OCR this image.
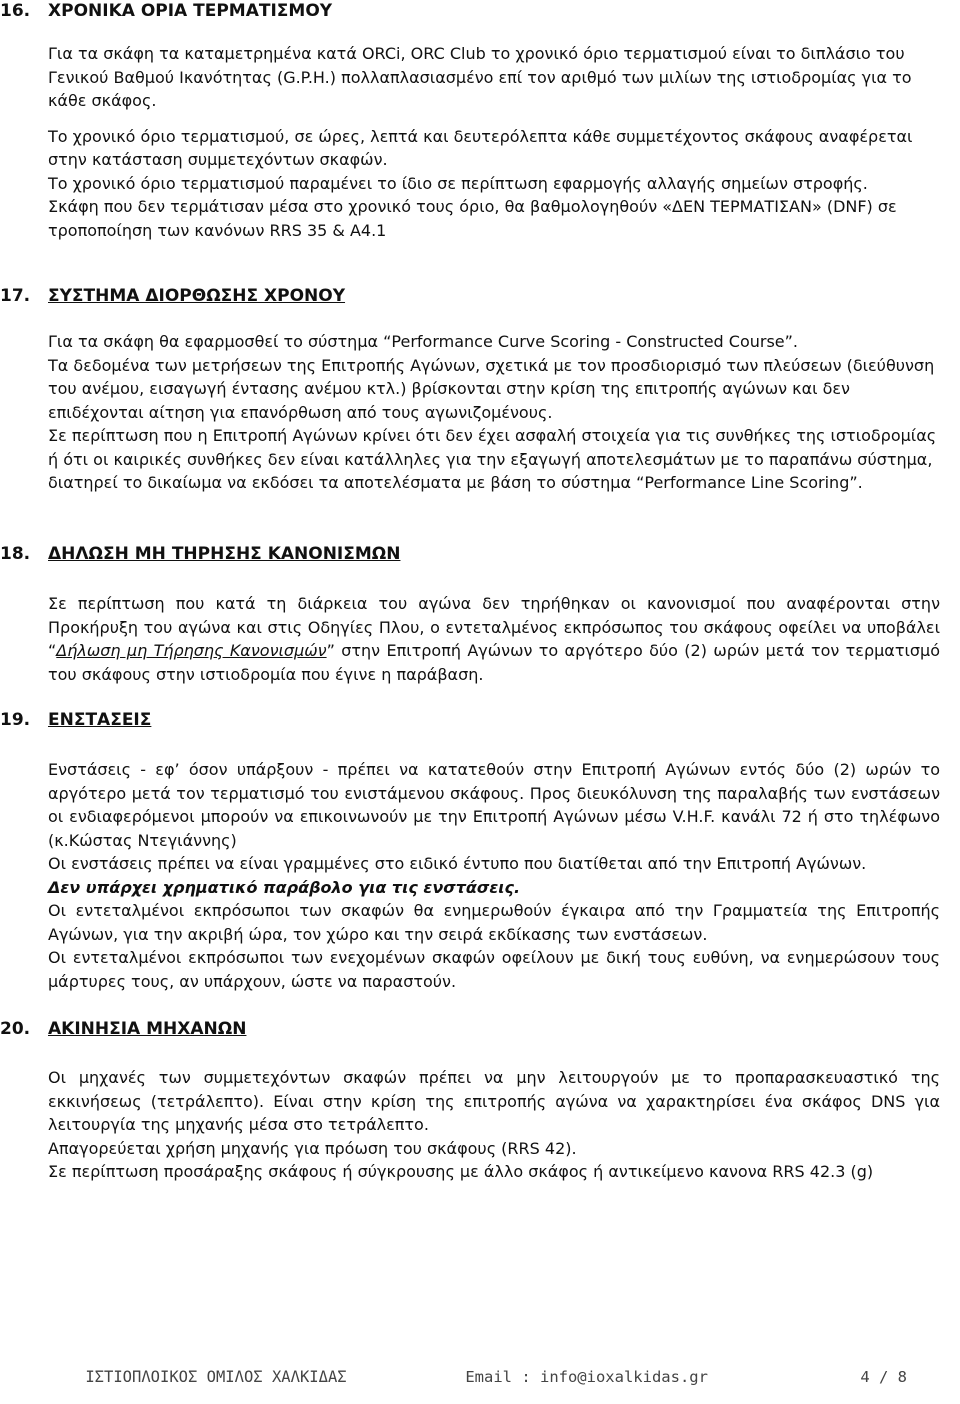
16. ΧΡΟΝΙΚΑ ΟΡΙΑ ΤΕΡΜΑΤΙΣΜΟΥ

Για τα σκάφη τα καταμετρημένα κατά ORCi, ORC Club το χρονικό όριο τερματισμού είναι το διπλάσιο του Γενικού Βαθμού Ικανότητας (G.P.H.) πολλαπλασιασμένο επί τον αριθμό των μιλίων της ιστιοδρομίας για το κάθε σκάφος.

Το χρονικό όριο τερματισμού, σε ώρες, λεπτά και δευτερόλεπτα κάθε συμμετέχοντος σκάφους αναφέρεται στην κατάσταση συμμετεχόντων σκαφών.

Το χρονικό όριο τερματισμού παραμένει το ίδιο σε περίπτωση εφαρμογής αλλαγής σημείων στροφής.

Σκάφη που δεν τερμάτισαν μέσα στο χρονικό τους όριο, θα βαθμολογηθούν «ΔΕΝ ΤΕΡΜΑΤΙΣΑΝ» (DNF) σε τροποποίηση των κανόνων RRS 35 & A4.1

17. ΣΥΣΤΗΜΑ ΔΙΟΡΘΩΣΗΣ ΧΡΟΝΟΥ

Για τα σκάφη θα εφαρμοσθεί το σύστημα “Performance Curve Scoring - Constructed Course”.

Τα δεδομένα των μετρήσεων της Επιτροπής Αγώνων, σχετικά με τον προσδιορισμό των πλεύσεων (διεύθυνση του ανέμου, εισαγωγή έντασης ανέμου κτλ.) βρίσκονται στην κρίση της επιτροπής αγώνων και δεν επιδέχονται αίτηση για επανόρθωση από τους αγωνιζομένους.

Σε περίπτωση που η Επιτροπή Αγώνων κρίνει ότι δεν έχει ασφαλή στοιχεία για τις συνθήκες της ιστιοδρομίας ή ότι οι καιρικές συνθήκες δεν είναι κατάλληλες για την εξαγωγή αποτελεσμάτων με το παραπάνω σύστημα, διατηρεί το δικαίωμα να εκδόσει τα αποτελέσματα με βάση το σύστημα “Performance Line Scoring”.

18. ΔΗΛΩΣΗ ΜΗ ΤΗΡΗΣΗΣ ΚΑΝΟΝΙΣΜΩΝ

Σε περίπτωση που κατά τη διάρκεια του αγώνα δεν τηρήθηκαν οι κανονισμοί που αναφέρονται στην Προκήρυξη του αγώνα και στις Οδηγίες Πλου, ο εντεταλμένος εκπρόσωπος του σκάφους οφείλει να υποβάλει “Δήλωση μη Τήρησης Κανονισμών” στην Επιτροπή Αγώνων το αργότερο δύο (2) ωρών μετά τον τερματισμό του σκάφους στην ιστιοδρομία που έγινε η παράβαση.

19. ΕΝΣΤΑΣΕΙΣ

Ενστάσεις - εφ’ όσον υπάρξουν - πρέπει να κατατεθούν στην Επιτροπή Αγώνων εντός δύο (2) ωρών το αργότερο μετά τον τερματισμό του ενιστάμενου σκάφους. Προς διευκόλυνση της παραλαβής των ενστάσεων οι ενδιαφερόμενοι μπορούν να επικοινωνούν με την Επιτροπή Αγώνων μέσω V.H.F. κανάλι 72 ή στο τηλέφωνο (κ.Κώστας Ντεγιάννης)

Οι ενστάσεις πρέπει να είναι γραμμένες στο ειδικό έντυπο που διατίθεται από την Επιτροπή Αγώνων.

Δεν υπάρχει χρηματικό παράβολο για τις ενστάσεις.

Οι εντεταλμένοι εκπρόσωποι των σκαφών θα ενημερωθούν έγκαιρα από την Γραμματεία της Επιτροπής Αγώνων, για την ακριβή ώρα, τον χώρο και την σειρά εκδίκασης των ενστάσεων.

Οι εντεταλμένοι εκπρόσωποι των ενεχομένων σκαφών οφείλουν με δική τους ευθύνη, να ενημερώσουν τους μάρτυρες τους, αν υπάρχουν, ώστε να παραστούν.

20. ΑΚΙΝΗΣΙΑ ΜΗΧΑΝΩΝ

Οι μηχανές των συμμετεχόντων σκαφών πρέπει να μην λειτουργούν με το προπαρασκευαστικό της εκκινήσεως (τετράλεπτο). Είναι στην κρίση της επιτροπής αγώνα να χαρακτηρίσει ένα σκάφος DNS για λειτουργία της μηχανής μέσα στο τετράλεπτο.

Απαγορεύεται χρήση μηχανής για πρόωση του σκάφους (RRS 42).

Σε περίπτωση προσάραξης σκάφους ή σύγκρουσης με άλλο σκάφος ή αντικείμενο κανονα RRS 42.3 (g)

ΙΣΤΙΟΠΛΟΙΚΟΣ ΟΜΙΛΟΣ ΧΑΛΚΙΔΑΣ	Email : info@ioxalkidas.gr	4 / 8
